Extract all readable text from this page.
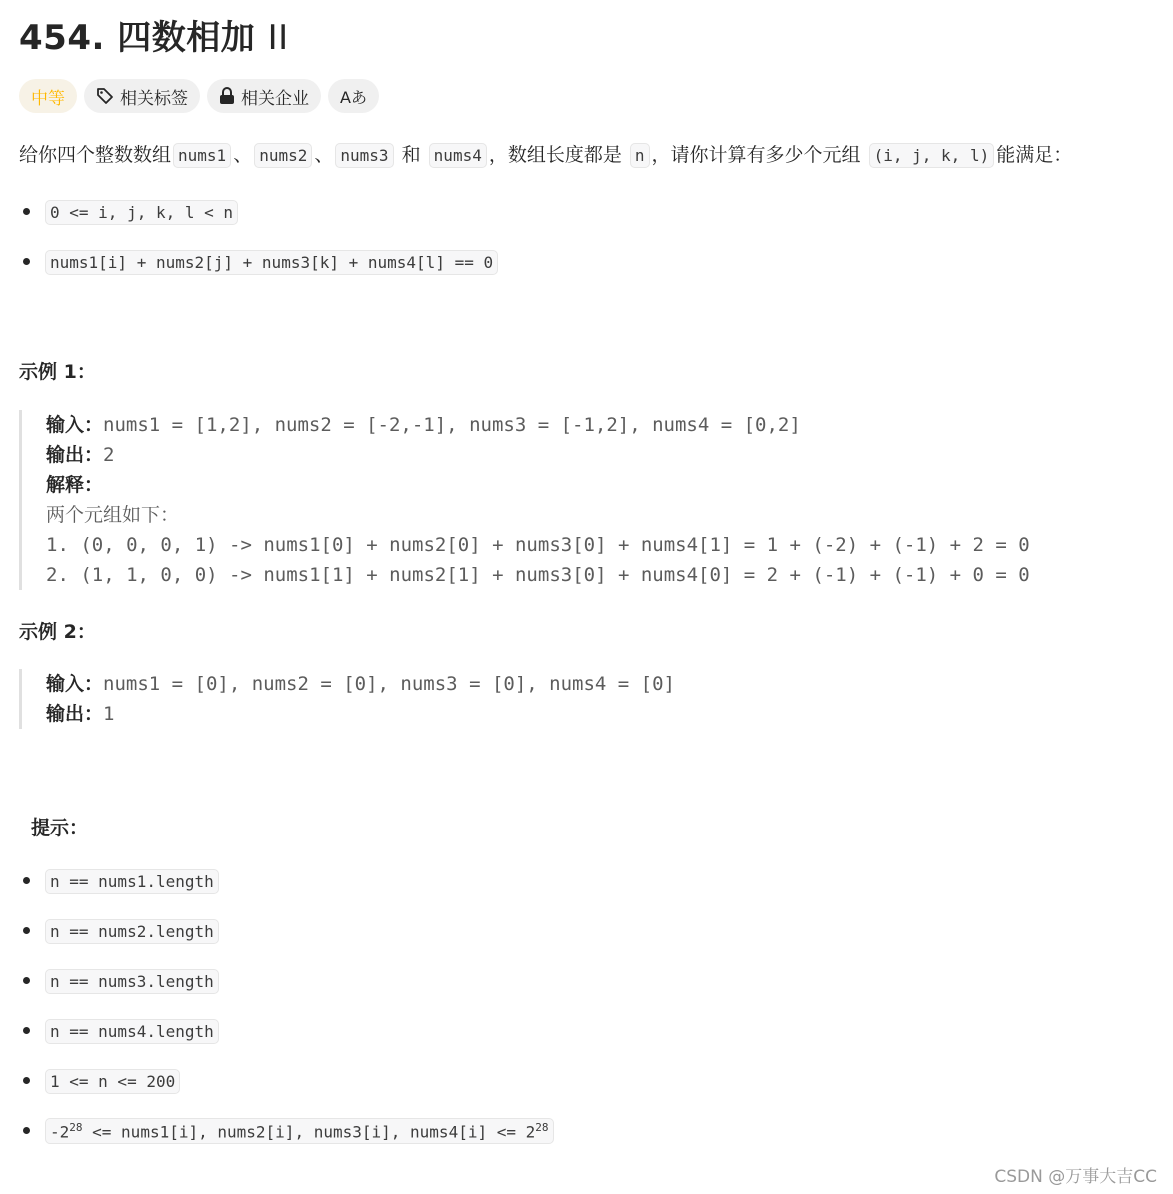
454. 四数相加 II
中等	相关标签	相关企业 Aあ
给你四个整数数组 nums1 、 nums2 、 nums3 和 nums4 ，数组长度都是 n ，请你计算有多少个元组 (i, j, k, l) 能满足：
0 <= i, j, k, l < n
nums1[i] + nums2[j] + nums3[k] + nums4[l] == 0
示例 1：
输入：nums1 = [1,2], nums2 = [-2,-1], nums3 = [-1,2], nums4 = [0,2]
输出：2
解释：
两个元组如下：
1. (0, 0, 0, 1) -> nums1[0] + nums2[0] + nums3[0] + nums4[1] = 1 + (-2) + (-1) + 2 = 0
2. (1, 1, 0, 0) -> nums1[1] + nums2[1] + nums3[0] + nums4[0] = 2 + (-1) + (-1) + 0 = 0
示例 2：
输入：nums1 = [0], nums2 = [0], nums3 = [0], nums4 = [0]
输出：1
提示：
n == nums1.length
n == nums2.length
n == nums3.length
n == nums4.length
1 <= n <= 200
$-2^{28}$ <= nums1[i], nums2[i], nums3[i], nums4[i] <= $2^{28}$
CSDN @万事大吉CC
